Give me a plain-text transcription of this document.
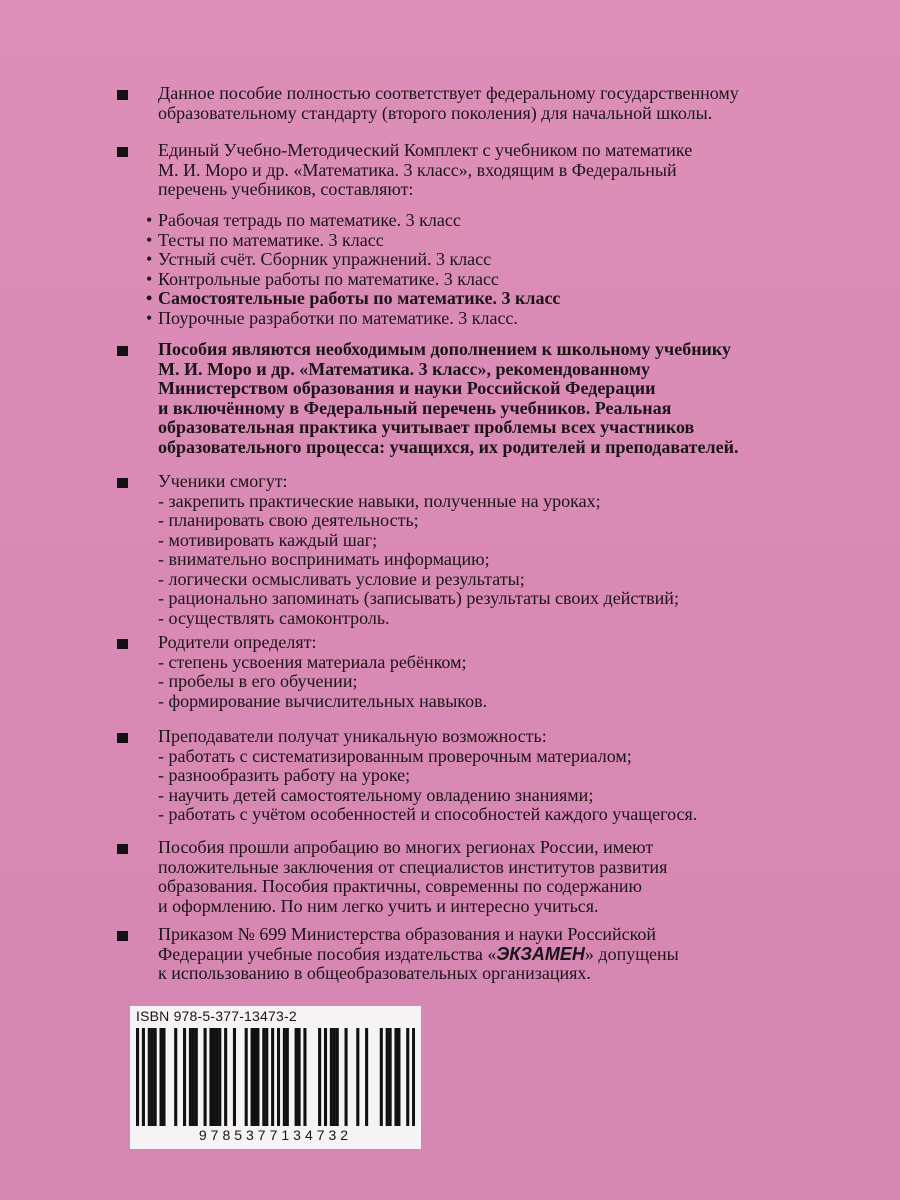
Данное пособие полностью соответствует федеральному государственному
образовательному стандарту (второго поколения) для начальной школы.
Единый Учебно-Методический Комплект с учебником по математике
М. И. Моро и др. «Математика. 3 класс», входящим в Федеральный
перечень учебников, составляют:
• Рабочая тетрадь по математике. 3 класс
• Тесты по математике. 3 класс
• Устный счёт. Сборник упражнений. 3 класс
• Контрольные работы по математике. 3 класс
• Самостоятельные работы по математике. 3 класс
• Поурочные разработки по математике. 3 класс.
Пособия являются необходимым дополнением к школьному учебнику
М. И. Моро и др. «Математика. 3 класс», рекомендованному
Министерством образования и науки Российской Федерации
и включённому в Федеральный перечень учебников. Реальная
образовательная практика учитывает проблемы всех участников
образовательного процесса: учащихся, их родителей и преподавателей.
Ученики смогут:
- закрепить практические навыки, полученные на уроках;
- планировать свою деятельность;
- мотивировать каждый шаг;
- внимательно воспринимать информацию;
- логически осмысливать условие и результаты;
- рационально запоминать (записывать) результаты своих действий;
- осуществлять самоконтроль.
Родители определят:
- степень усвоения материала ребёнком;
- пробелы в его обучении;
- формирование вычислительных навыков.
Преподаватели получат уникальную возможность:
- работать с систематизированным проверочным материалом;
- разнообразить работу на уроке;
- научить детей самостоятельному овладению знаниями;
- работать с учётом особенностей и способностей каждого учащегося.
Пособия прошли апробацию во многих регионах России, имеют
положительные заключения от специалистов институтов развития
образования. Пособия практичны, современны по содержанию
и оформлению. По ним легко учить и интересно учиться.
Приказом № 699 Министерства образования и науки Российской
Федерации учебные пособия издательства «ЭКЗАМЕН» допущены
к использованию в общеобразовательных организациях.
ISBN 978-5-377-13473-2
9785377134732
